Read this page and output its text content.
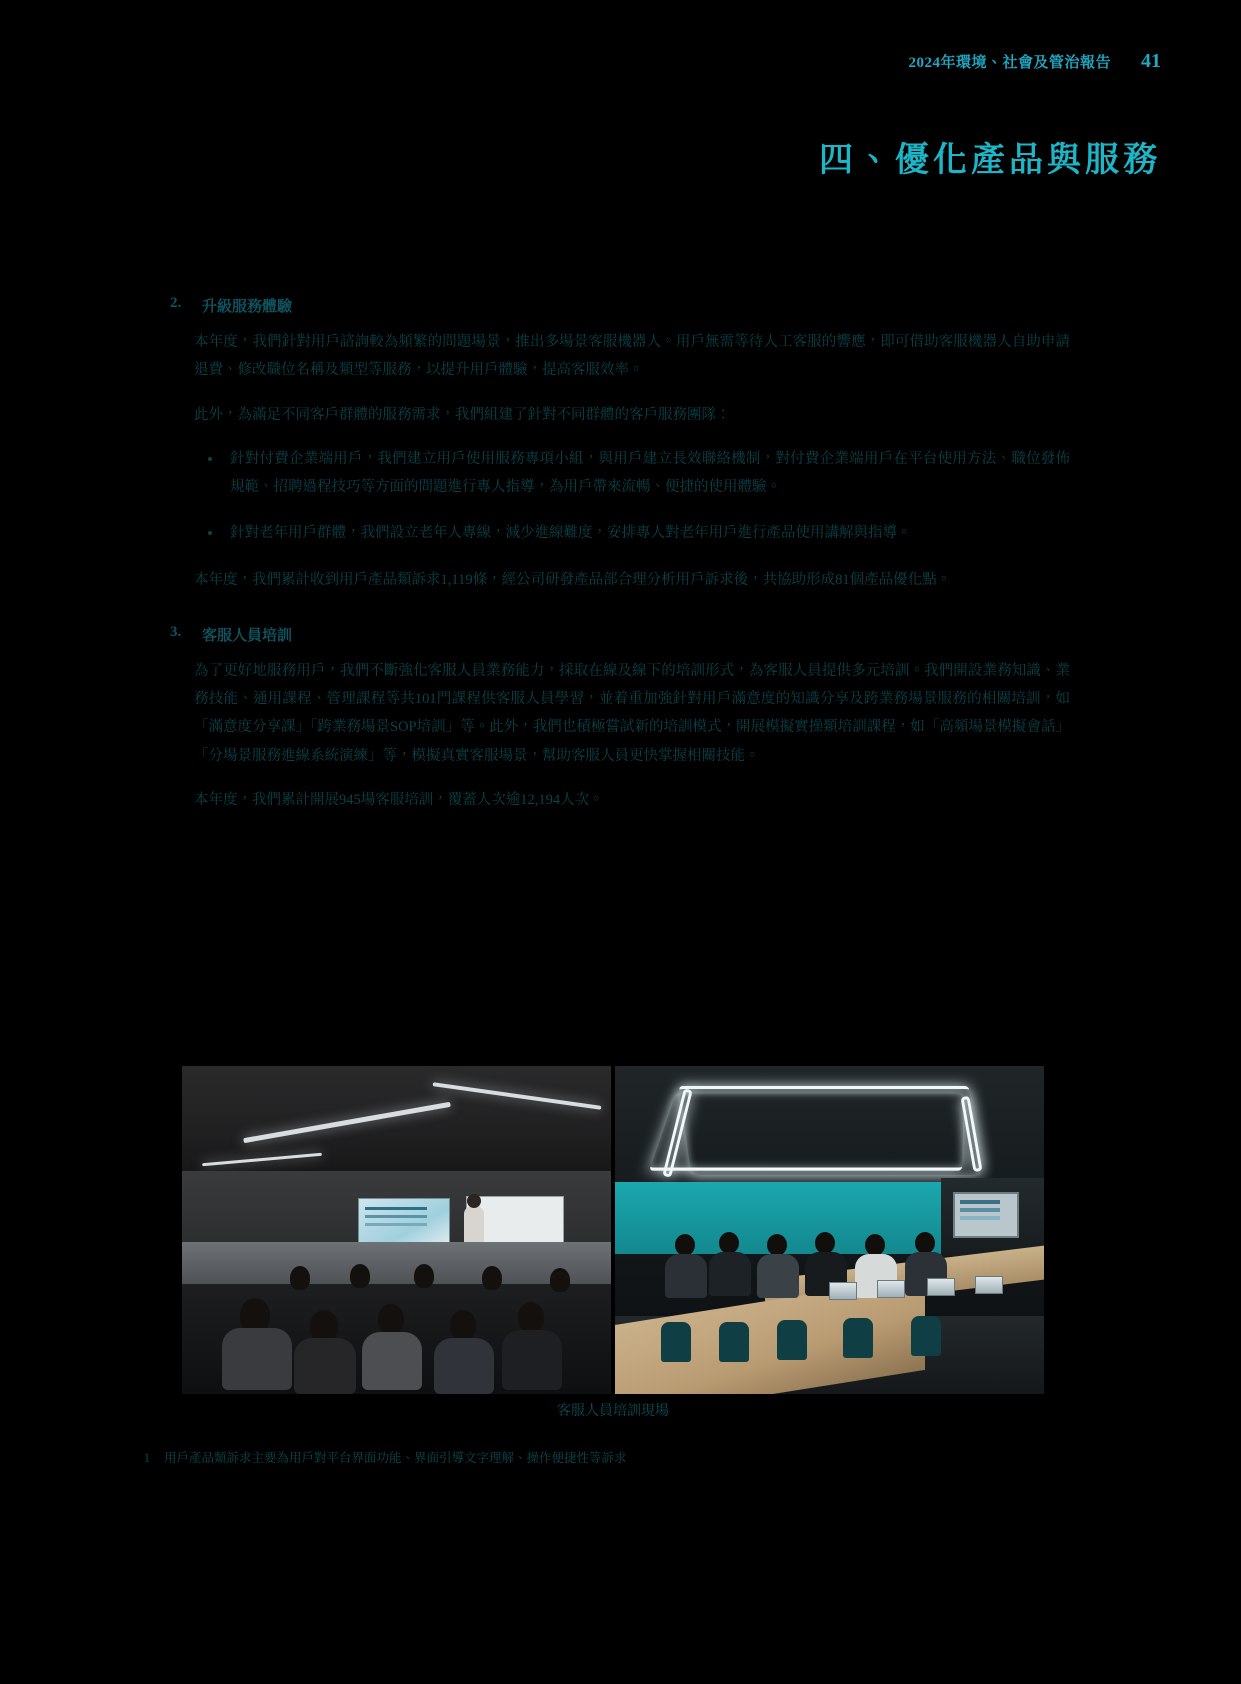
2024年環境、社會及管治報告 41
四、優化產品與服務
2.	升級服務體驗

本年度，我們針對用戶諮詢較為頻繁的問題場景，推出多場景客服機器人。用戶無需等待人工客服的響應，即可借助客服機器人自助申請退費、修改職位名稱及類型等服務，以提升用戶體驗，提高客服效率。

此外，為滿足不同客戶群體的服務需求，我們組建了針對不同群體的客戶服務團隊：

針對付費企業端用戶，我們建立用戶使用服務專項小組，與用戶建立長效聯絡機制，對付費企業端用戶在平台使用方法、職位發佈規範、招聘過程技巧等方面的問題進行專人指導，為用戶帶來流暢、便捷的使用體驗。
針對老年用戶群體，我們設立老年人專線，減少進線難度，安排專人對老年用戶進行產品使用講解與指導。

本年度，我們累計收到用戶產品類訴求1,119條，經公司研發產品部合理分析用戶訴求後，共協助形成81個產品優化點。

3.	客服人員培訓

為了更好地服務用戶，我們不斷強化客服人員業務能力，採取在線及線下的培訓形式，為客服人員提供多元培訓。我們開設業務知識、業務技能、通用課程、管理課程等共101門課程供客服人員學習，並着重加強針對用戶滿意度的知識分享及跨業務場景服務的相關培訓，如「滿意度分享課」「跨業務場景SOP培訓」等。此外，我們也積極嘗試新的培訓模式，開展模擬實操類培訓課程，如「高頻場景模擬會話」「分場景服務進線系統演練」等，模擬真實客服場景，幫助客服人員更快掌握相關技能。

本年度，我們累計開展945場客服培訓，覆蓋人次逾12,194人次。

客服人員培訓現場
1 用戶產品類訴求主要為用戶對平台界面功能、界面引導文字理解、操作便捷性等訴求
